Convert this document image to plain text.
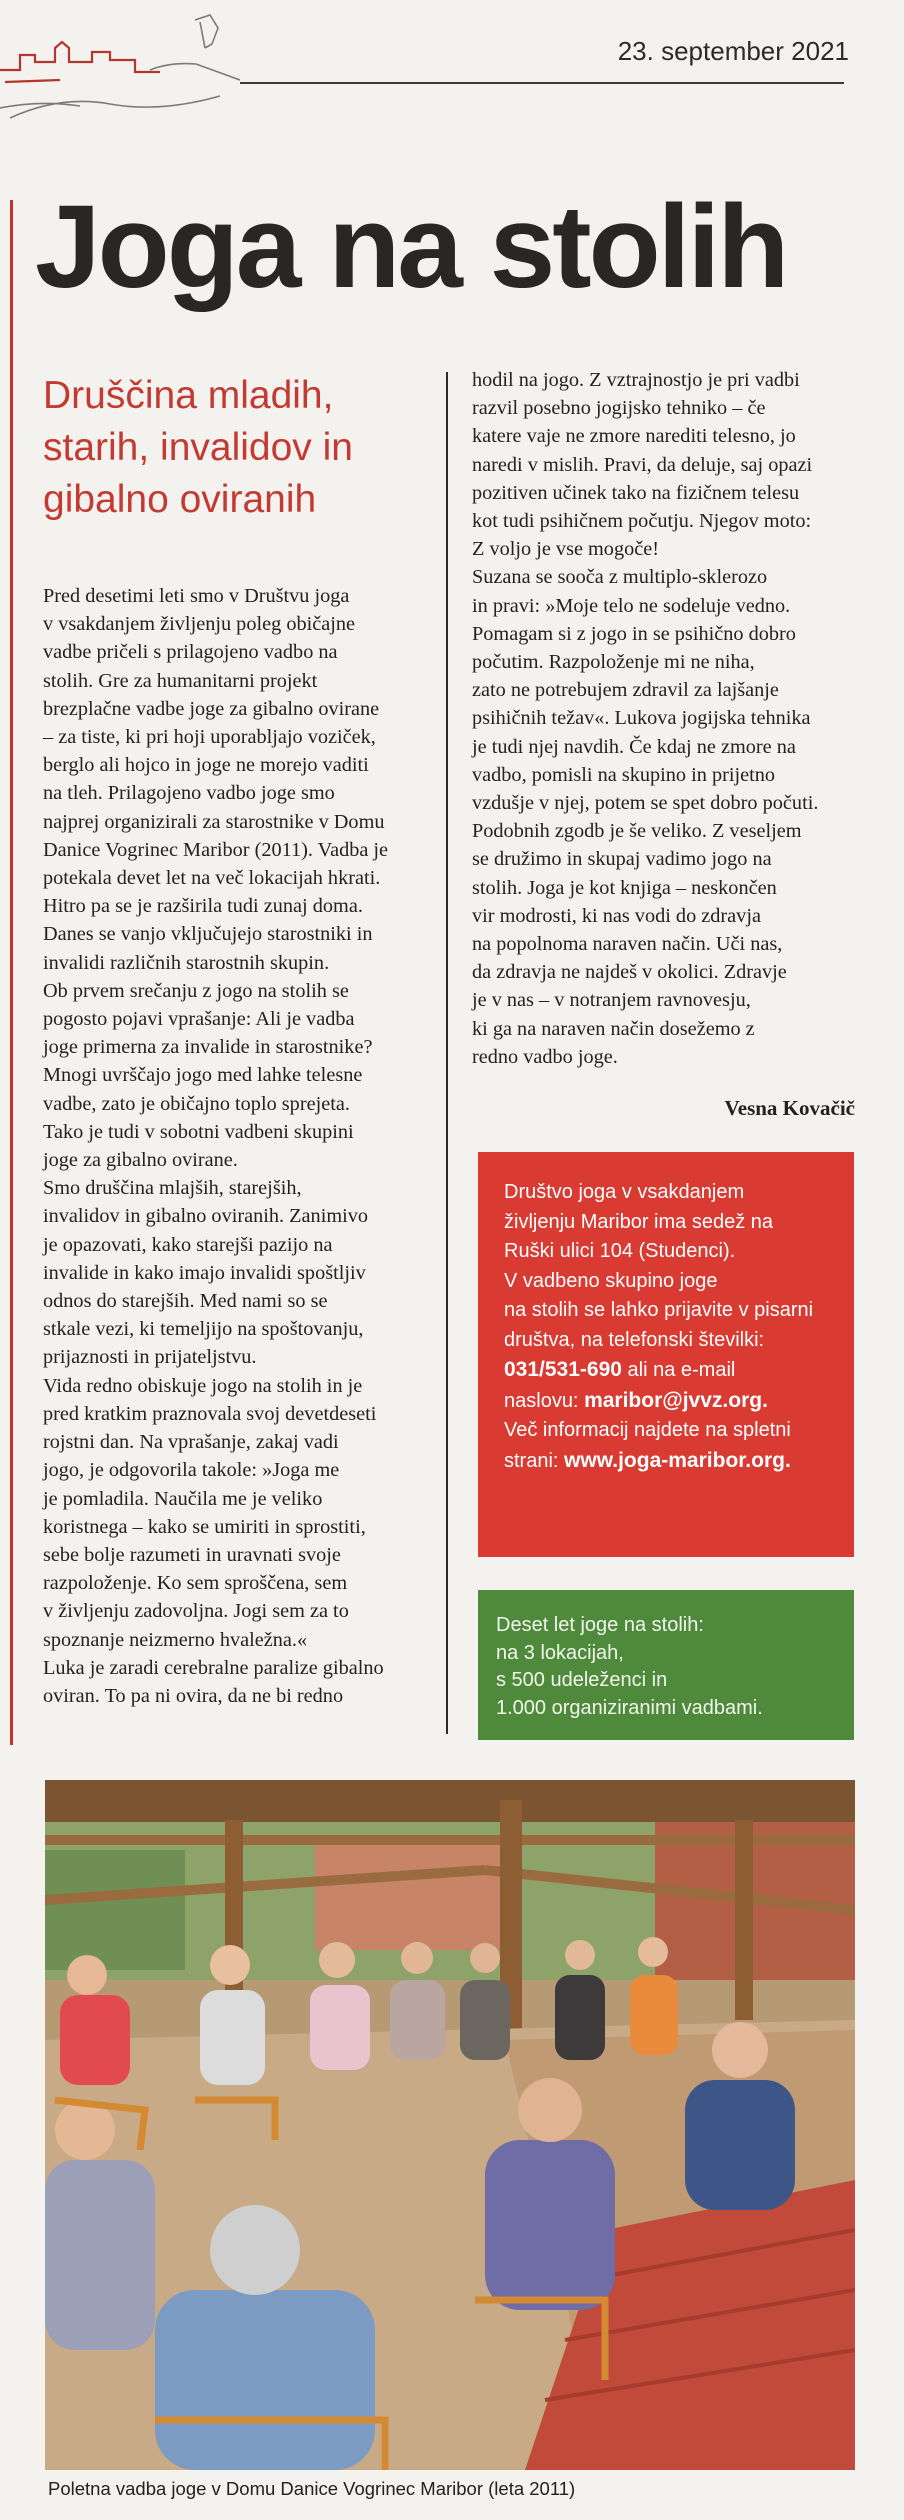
23. september 2021
Joga na stolih
Druščina mladih,
starih, invalidov in
gibalno oviranih

Pred desetimi leti smo v Društvu joga

v vsakdanjem življenju poleg običajne

vadbe pričeli s prilagojeno vadbo na

stolih. Gre za humanitarni projekt

brezplačne vadbe joge za gibalno ovirane

– za tiste, ki pri hoji uporabljajo voziček,

berglo ali hojco in joge ne morejo vaditi

na tleh. Prilagojeno vadbo joge smo

najprej organizirali za starostnike v Domu

Danice Vogrinec Maribor (2011). Vadba je

potekala devet let na več lokacijah hkrati.

Hitro pa se je razširila tudi zunaj doma.

Danes se vanjo vključujejo starostniki in

invalidi različnih starostnih skupin.

Ob prvem srečanju z jogo na stolih se

pogosto pojavi vprašanje: Ali je vadba

joge primerna za invalide in starostnike?

Mnogi uvrščajo jogo med lahke telesne

vadbe, zato je običajno toplo sprejeta.

Tako je tudi v sobotni vadbeni skupini

joge za gibalno ovirane.

Smo druščina mlajših, starejših,

invalidov in gibalno oviranih. Zanimivo

je opazovati, kako starejši pazijo na

invalide in kako imajo invalidi spoštljiv

odnos do starejših. Med nami so se

stkale vezi, ki temeljijo na spoštovanju,

prijaznosti in prijateljstvu.

Vida redno obiskuje jogo na stolih in je

pred kratkim praznovala svoj devetdeseti

rojstni dan. Na vprašanje, zakaj vadi

jogo, je odgovorila takole: »Joga me

je pomladila. Naučila me je veliko

koristnega – kako se umiriti in sprostiti,

sebe bolje razumeti in uravnati svoje

razpoloženje. Ko sem sproščena, sem

v življenju zadovoljna. Jogi sem za to

spoznanje neizmerno hvaležna.«

Luka je zaradi cerebralne paralize gibalno

oviran. To pa ni ovira, da ne bi redno

hodil na jogo. Z vztrajnostjo je pri vadbi

razvil posebno jogijsko tehniko – če

katere vaje ne zmore narediti telesno, jo

naredi v mislih. Pravi, da deluje, saj opazi

pozitiven učinek tako na fizičnem telesu

kot tudi psihičnem počutju. Njegov moto:

Z voljo je vse mogoče!

Suzana se sooča z multiplo-sklerozo

in pravi: »Moje telo ne sodeluje vedno.

Pomagam si z jogo in se psihično dobro

počutim. Razpoloženje mi ne niha,

zato ne potrebujem zdravil za lajšanje

psihičnih težav«. Lukova jogijska tehnika

je tudi njej navdih. Če kdaj ne zmore na

vadbo, pomisli na skupino in prijetno

vzdušje v njej, potem se spet dobro počuti.

Podobnih zgodb je še veliko. Z veseljem

se družimo in skupaj vadimo jogo na

stolih. Joga je kot knjiga – neskončen

vir modrosti, ki nas vodi do zdravja

na popolnoma naraven način. Uči nas,

da zdravja ne najdeš v okolici. Zdravje

je v nas – v notranjem ravnovesju,

ki ga na naraven način dosežemo z

redno vadbo joge.

Vesna Kovačič

Društvo joga v vsakdanjem

življenju Maribor ima sedež na

Ruški ulici 104 (Studenci).

V vadbeno skupino joge

na stolih se lahko prijavite v pisarni

društva, na telefonski številki:

031/531-690 ali na e-mail

naslovu: maribor@jvvz.org.

Več informacij najdete na spletni

strani: www.joga-maribor.org.

Deset let joge na stolih:

na 3 lokacijah,

s 500 udeleženci in

1.000 organiziranimi vadbami.

Poletna vadba joge v Domu Danice Vogrinec Maribor (leta 2011)
